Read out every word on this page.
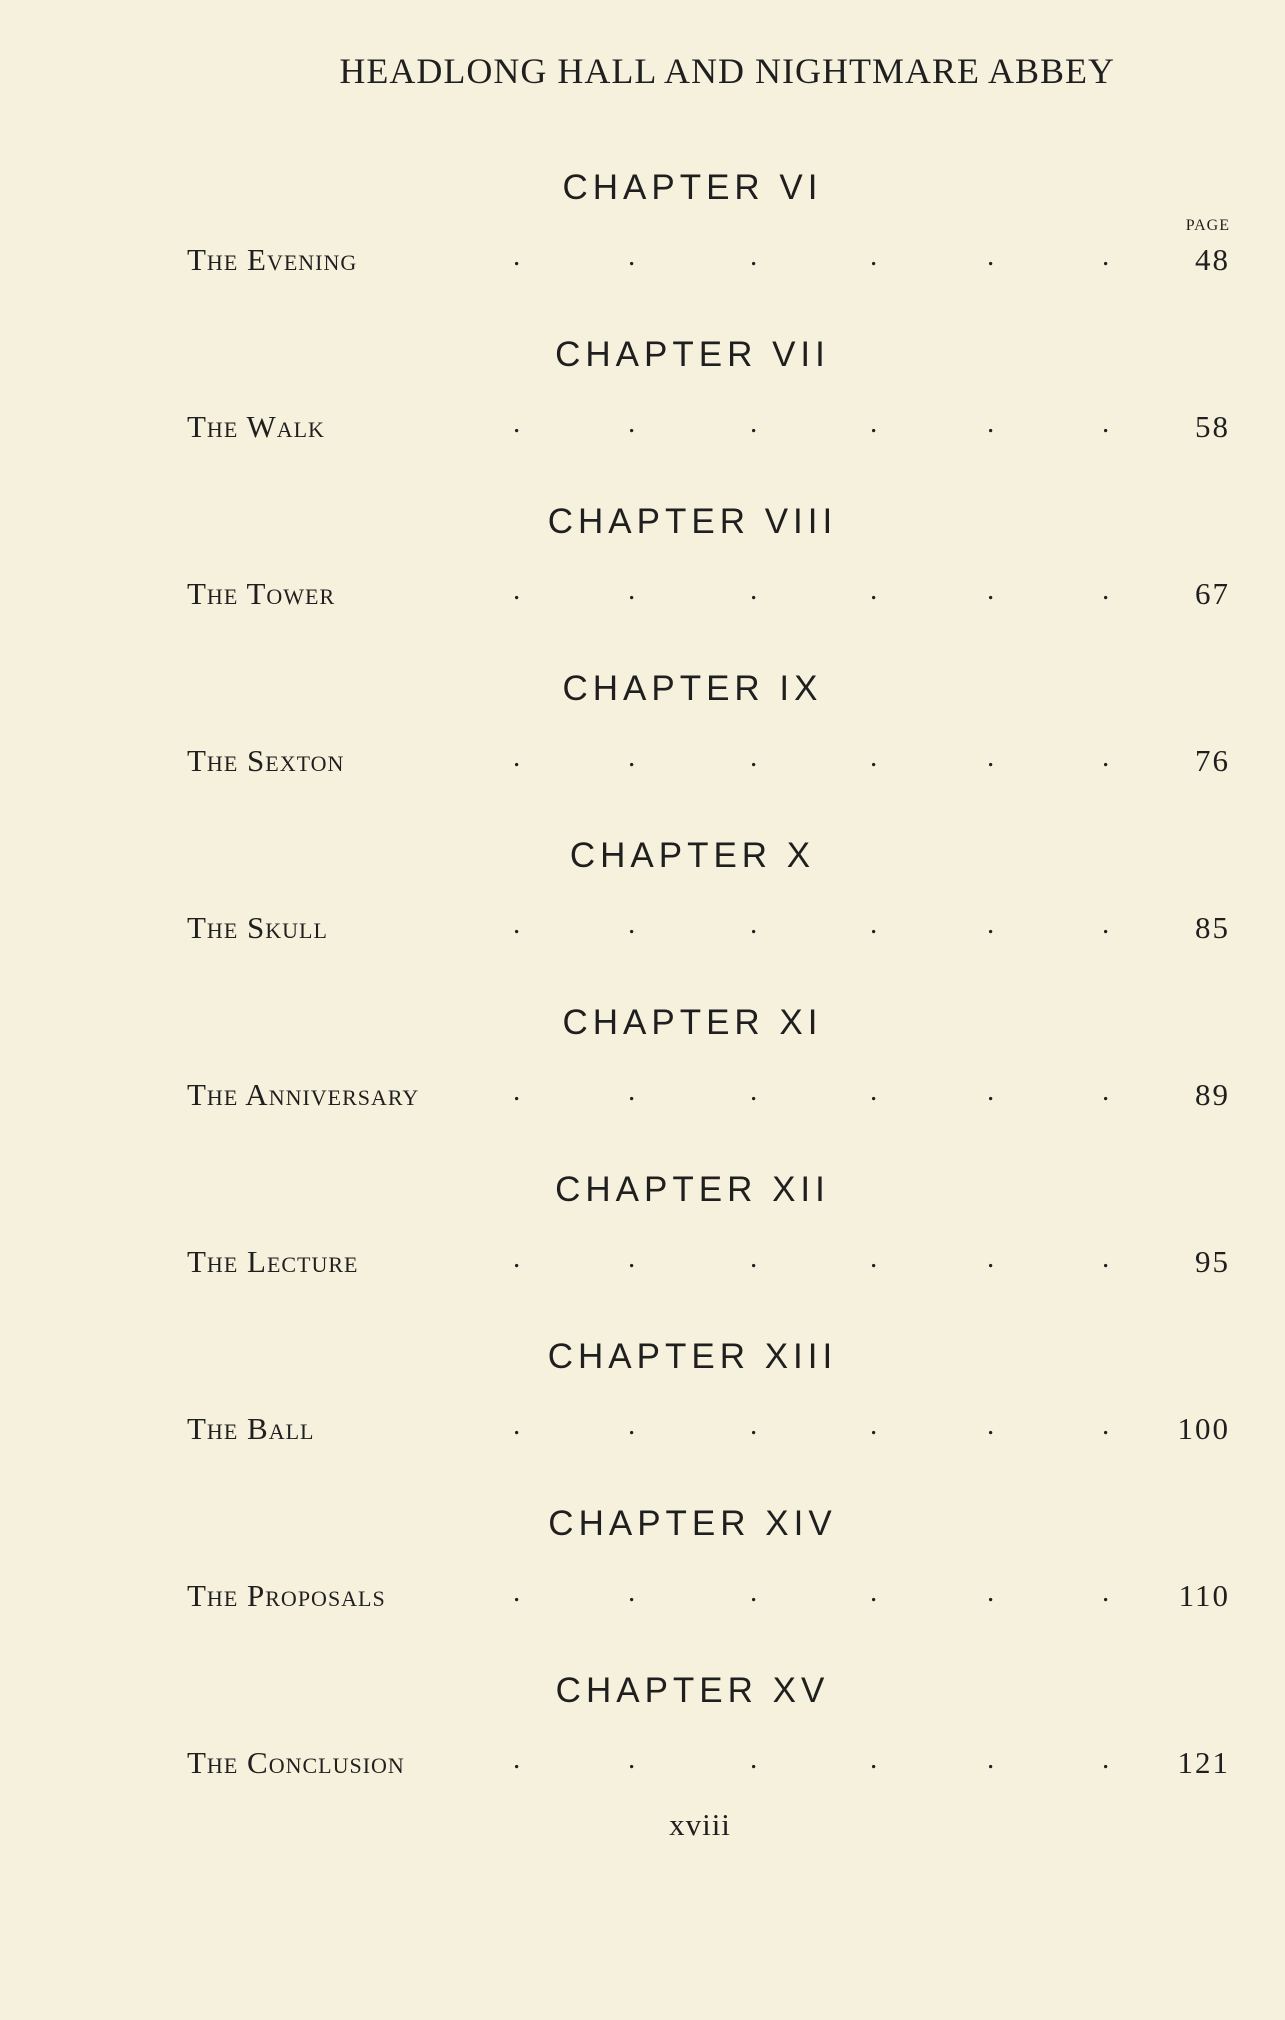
HEADLONG HALL AND NIGHTMARE ABBEY
PAGE
CHAPTER VI
The Evening	.	.	.	.	.	.	48
CHAPTER VII
The Walk	.	.	.	.	.	.	58
CHAPTER VIII
The Tower	.	.	.	.	.	.	67
CHAPTER IX
The Sexton	.	.	.	.	.	.	76
CHAPTER X
The Skull	.	.	.	.	.	.	85
CHAPTER XI
The Anniversary	.	.	.	.	.	.	89
CHAPTER XII
The Lecture	.	.	.	.	.	.	95
CHAPTER XIII
The Ball	.	.	.	.	.	.	100
CHAPTER XIV
The Proposals	.	.	.	.	.	.	110
CHAPTER XV
The Conclusion	.	.	.	.	.	.	121
xviii
